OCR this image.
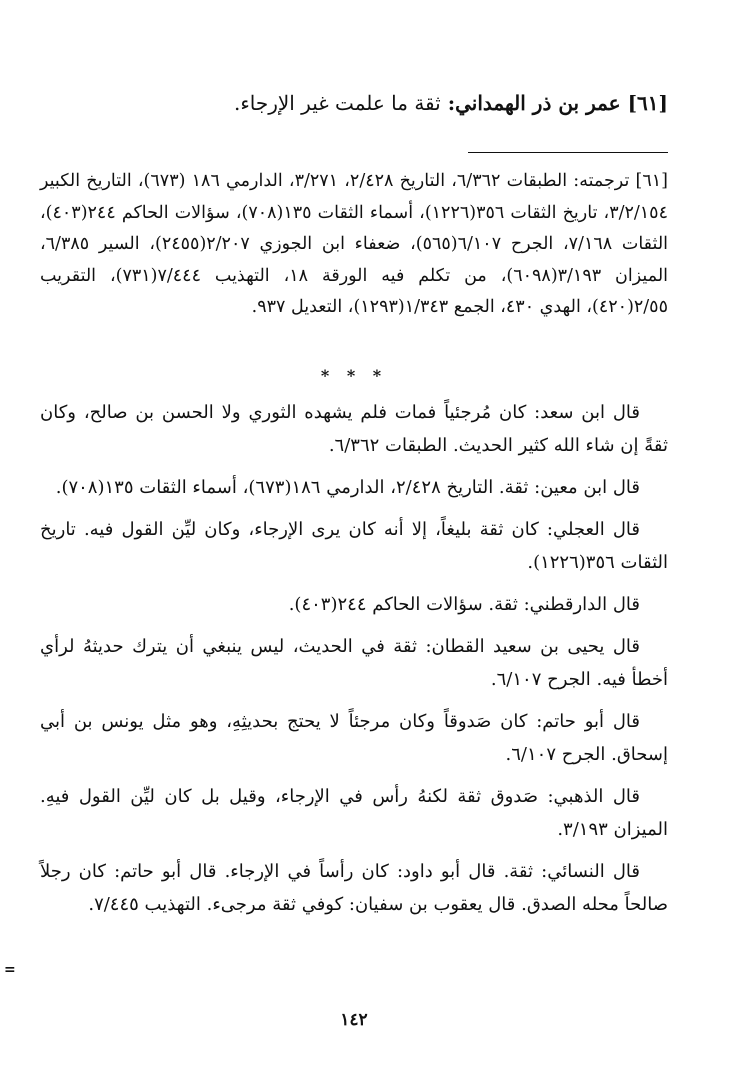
[٦١] عمر بن ذر الهمداني: ثقة ما علمت غير الإرجاء.

[٦١] ترجمته: الطبقات ٦/٣٦٢، التاريخ ٢/٤٢٨، ٣/٢٧١، الدارمي ١٨٦ (٦٧٣)، التاريخ الكبير ٣/٢/١٥٤، تاريخ الثقات ٣٥٦(١٢٢٦)، أسماء الثقات ١٣٥(٧٠٨)، سؤالات الحاكم ٢٤٤(٤٠٣)، الثقات ٧/١٦٨، الجرح ٦/١٠٧(٥٦٥)، ضعفاء ابن الجوزي ٢/٢٠٧(٢٤٥٥)، السير ٦/٣٨٥، الميزان ٣/١٩٣(٦٠٩٨)، من تكلم فيه الورقة ١٨، التهذيب ٧/٤٤٤(٧٣١)، التقريب ٢/٥٥(٤٢٠)، الهدي ٤٣٠، الجمع ١/٣٤٣(١٢٩٣)، التعديل ٩٣٧.

* * *

قال ابن سعد: كان مُرجئياً فمات فلم يشهده الثوري ولا الحسن بن صالح، وكان ثقةً إن شاء الله كثير الحديث. الطبقات ٦/٣٦٢.

قال ابن معين: ثقة. التاريخ ٢/٤٢٨، الدارمي ١٨٦(٦٧٣)، أسماء الثقات ١٣٥(٧٠٨).

قال العجلي: كان ثقة بليغاً، إلا أنه كان يرى الإرجاء، وكان ليِّن القول فيه. تاريخ الثقات ٣٥٦(١٢٢٦).

قال الدارقطني: ثقة. سؤالات الحاكم ٢٤٤(٤٠٣).

قال يحيى بن سعيد القطان: ثقة في الحديث، ليس ينبغي أن يترك حديثهُ لرأي أخطأ فيه. الجرح ٦/١٠٧.

قال أبو حاتم: كان صَدوقاً وكان مرجئاً لا يحتج بحديثِهِ، وهو مثل يونس بن أبي إسحاق. الجرح ٦/١٠٧.

قال الذهبي: صَدوق ثقة لكنهُ رأس في الإرجاء، وقيل بل كان ليِّن القول فيهِ. الميزان ٣/١٩٣.

قال النسائي: ثقة. قال أبو داود: كان رأساً في الإرجاء. قال أبو حاتم: كان رجلاً صالحاً محله الصدق. قال يعقوب بن سفيان: كوفي ثقة مرجىء. التهذيب ٧/٤٤٥.

١٤٢
=
